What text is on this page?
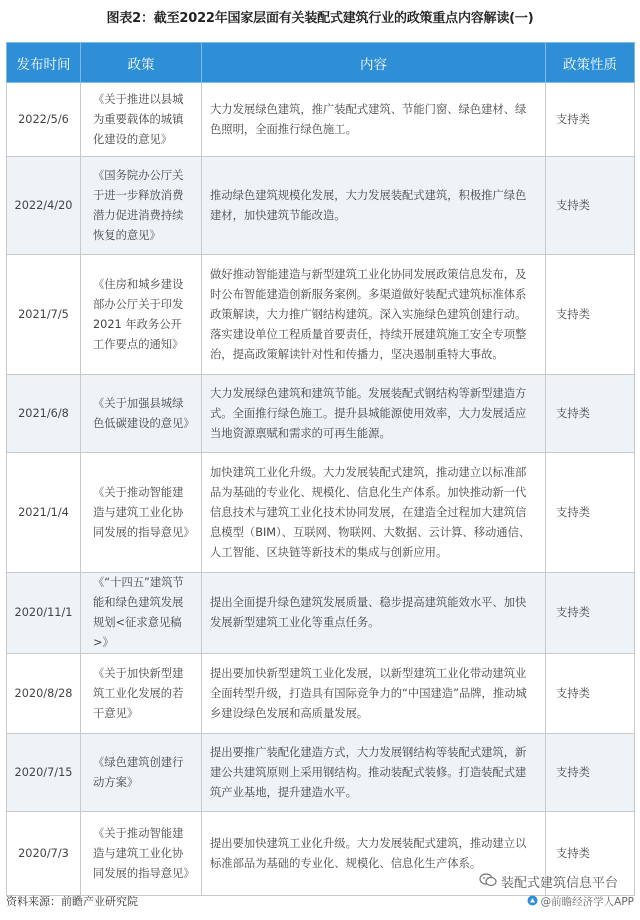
图表2：截至2022年国家层面有关装配式建筑行业的政策重点内容解读(一)
发布时间	政策	内容	政策性质
2022/5/6	《关于推进以县城为重要载体的城镇化建设的意见》	大力发展绿色建筑，推广装配式建筑、节能门窗、绿色建材、绿色照明，全面推行绿色施工。	支持类
2022/4/20	《国务院办公厅关于进一步释放消费潜力促进消费持续恢复的意见》	推动绿色建筑规模化发展，大力发展装配式建筑，积极推广绿色建材，加快建筑节能改造。	支持类
2021/7/5	《住房和城乡建设部办公厅关于印发2021 年政务公开工作要点的通知》	做好推动智能建造与新型建筑工业化协同发展政策信息发布，及时公布智能建造创新服务案例。多渠道做好装配式建筑标准体系政策解读，大力推广钢结构建筑。深入实施绿色建筑创建行动。落实建设单位工程质量首要责任，持续开展建筑施工安全专项整治，提高政策解读针对性和传播力，坚决遏制重特大事故。	支持类
2021/6/8	《关于加强县城绿色低碳建设的意见》	大力发展绿色建筑和建筑节能。发展装配式钢结构等新型建造方式。全面推行绿色施工。提升县城能源使用效率，大力发展适应当地资源禀赋和需求的可再生能源。	支持类
2021/1/4	《关于推动智能建造与建筑工业化协同发展的指导意见》	加快建筑工业化升级。大力发展装配式建筑，推动建立以标准部品为基础的专业化、规模化、信息化生产体系。加快推动新一代信息技术与建筑工业化技术协同发展，在建造全过程加大建筑信息模型（BIM）、互联网、物联网、大数据、云计算、移动通信、人工智能、区块链等新技术的集成与创新应用。	支持类
2020/11/1	《“十四五”建筑节能和绿色建筑发展规划<征求意见稿>》	提出全面提升绿色建筑发展质量、稳步提高建筑能效水平、加快发展新型建筑工业化等重点任务。	支持类
2020/8/28	《关于加快新型建筑工业化发展的若干意见》	提出要加快新型建筑工业化发展，以新型建筑工业化带动建筑业全面转型升级，打造具有国际竞争力的“中国建造”品牌，推动城乡建设绿色发展和高质量发展。	支持类
2020/7/15	《绿色建筑创建行动方案》	提出要推广装配化建造方式，大力发展钢结构等装配式建筑，新建公共建筑原则上采用钢结构。推动装配式装修。打造装配式建筑产业基地，提升建造水平。	支持类
2020/7/3	《关于推动智能建造与建筑工业化协同发展的指导意见》	提出要加快建筑工业化升级。大力发展装配式建筑，推动建立以标准部品为基础的专业化、规模化、信息化生产体系。	支持类
装配式建筑信息平台
资料来源：前瞻产业研究院	@前瞻经济学人APP
